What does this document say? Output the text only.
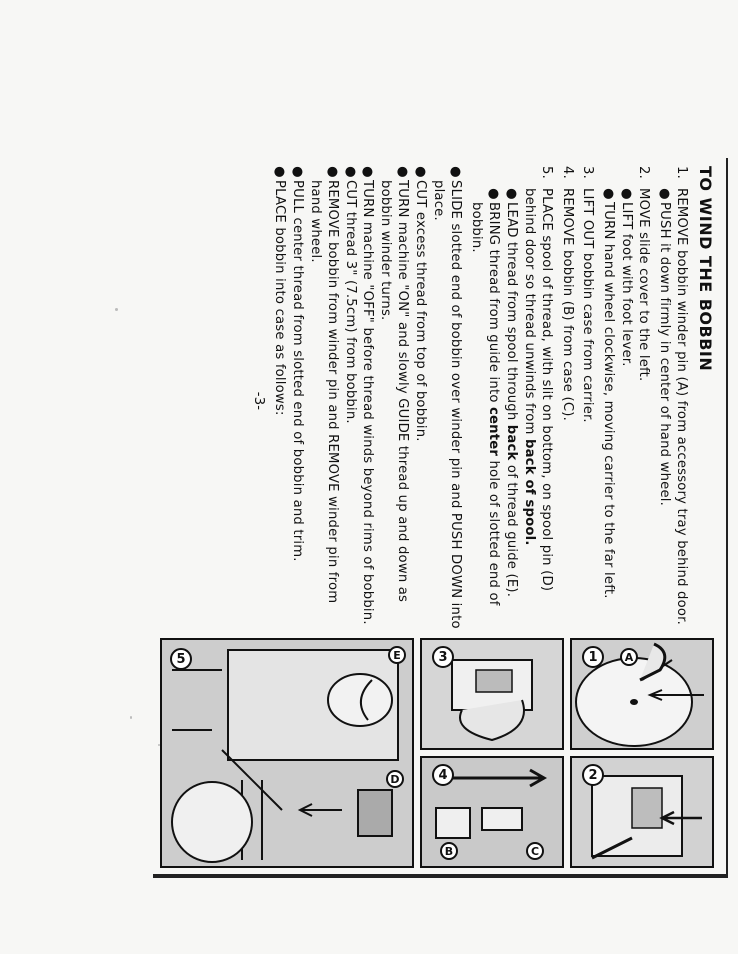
TO WIND THE BOBBIN
1.
REMOVE bobbin winder pin (A) from accessory tray behind door.
●
PUSH it down firmly in center of hand wheel.
2.
MOVE slide cover to the left.
●
LIFT foot with foot lever.
●
TURN hand wheel clockwise, moving carrier to the far left.
3.
LIFT OUT bobbin case from carrier.
4.
REMOVE bobbin (B) from case (C).
5.
PLACE spool of thread, with slit on bottom, on spool pin (D) behind door so thread unwinds from back of spool.
●
LEAD thread from spool through back of thread guide (E).
●
BRING thread from guide into center hole of slotted end of bobbin.
●
SLIDE slotted end of bobbin over winder pin and PUSH DOWN into place.
●
CUT excess thread from top of bobbin.
●
TURN machine "ON" and slowly GUIDE thread up and down as bobbin winder turns.
●
TURN machine "OFF" before thread winds beyond rims of bobbin.
●
CUT thread 3" (7.5cm) from bobbin.
●
REMOVE bobbin from winder pin and REMOVE winder pin from hand wheel.
●
PULL center thread from slotted end of bobbin and trim.
●
PLACE bobbin into case as follows:
-3-
1	A
2
3
4
C
B
5	E
D
